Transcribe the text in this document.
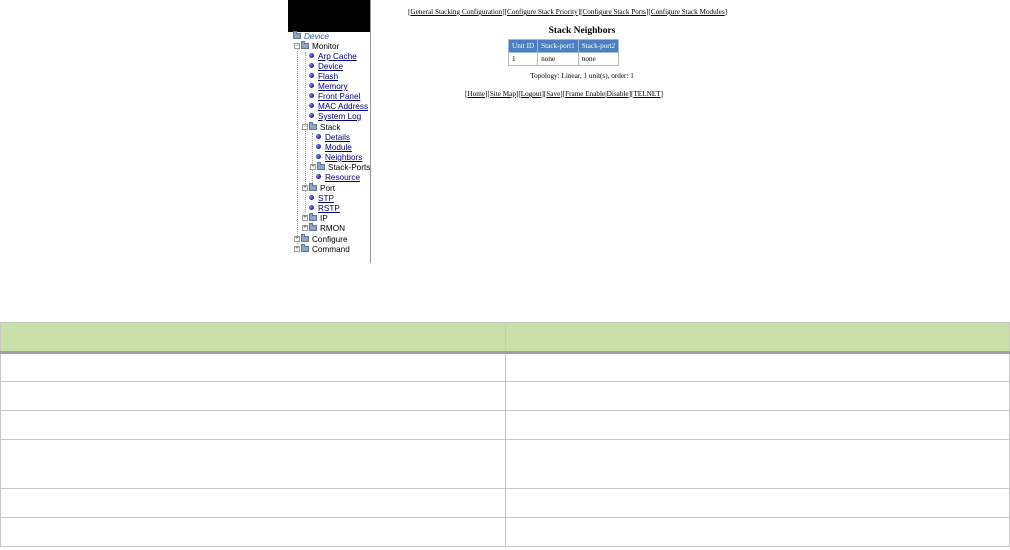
Device
− Monitor
Arp Cache
Device
Flash
Memory
Front Panel
MAC Address
System Log
− Stack
Details
Module
Neighbors
+ Stack-Ports
Resource
+ Port
STP
RSTP
+ IP
+ RMON
+ Configure
+ Command
[General Stacking Configuration][Configure Stack Priority][Configure Stack Ports][Configure Stack Modules]
Stack Neighbors
Unit ID	Stack-port1	Stack-port2
1	none	none
Topology: Linear, 1 unit(s), order: 1
[Home][Site Map][Logout][Save][Frame Enable|Disable][TELNET]
